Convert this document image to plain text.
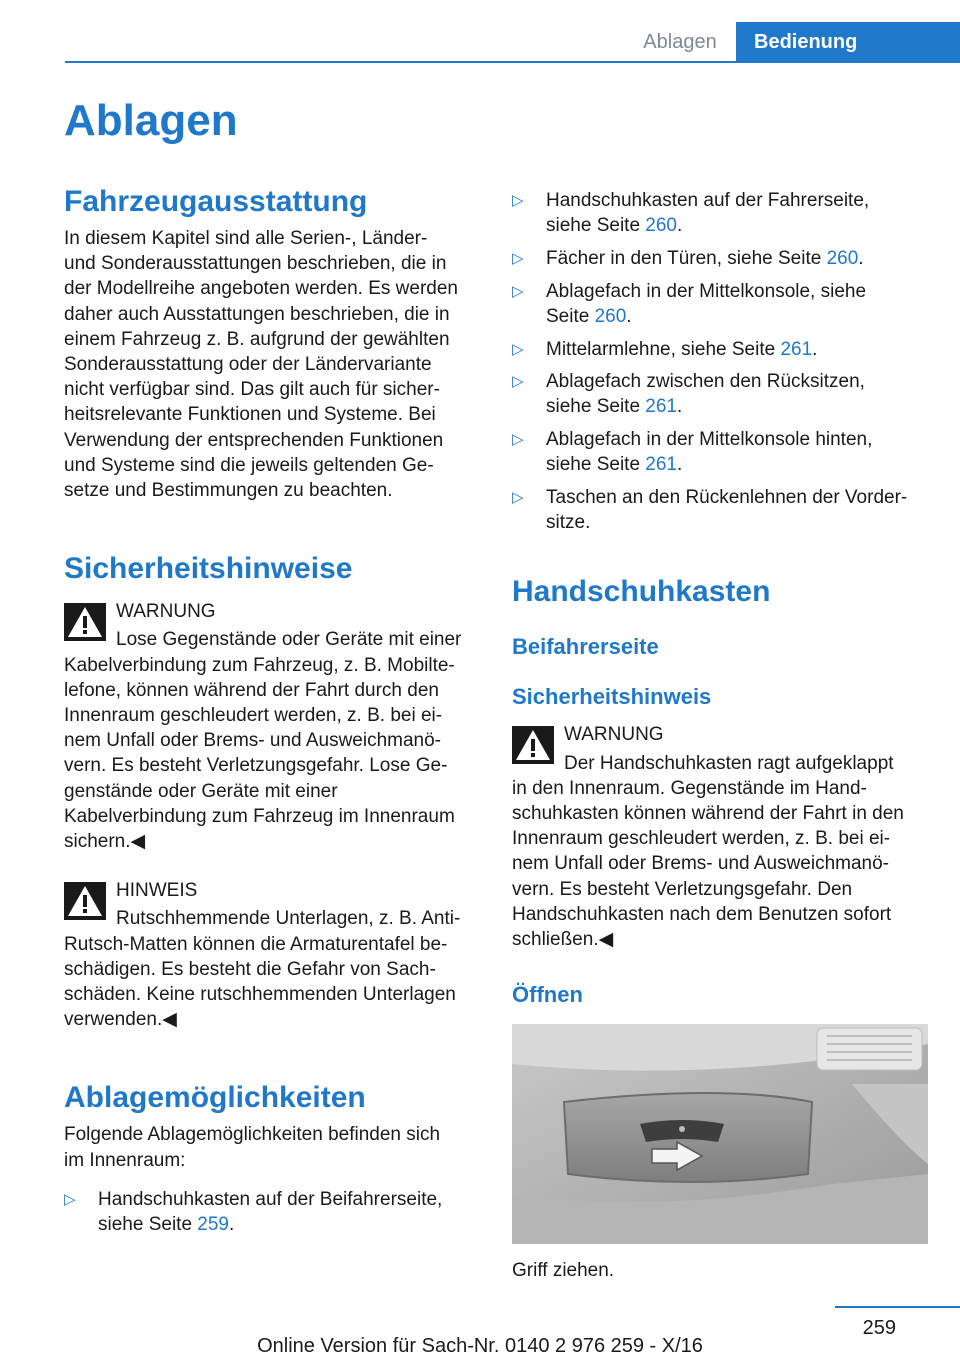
Ablagen	Bedienung
Ablagen
Fahrzeugausstattung

In diesem Kapitel sind alle Serien-, Länder-
und Sonderausstattungen beschrieben, die in
der Modellreihe angeboten werden. Es werden
daher auch Ausstattungen beschrieben, die in
einem Fahrzeug z. B. aufgrund der gewählten
Sonderausstattung oder der Ländervariante
nicht verfügbar sind. Das gilt auch für sicher‐
heitsrelevante Funktionen und Systeme. Bei
Verwendung der entsprechenden Funktionen
und Systeme sind die jeweils geltenden Ge‐
setze und Bestimmungen zu beachten.

Sicherheitshinweise
WARNUNG
Lose Gegenstände oder Geräte mit einer
Kabelverbindung zum Fahrzeug, z. B. Mobilte‐
lefone, können während der Fahrt durch den
Innenraum geschleudert werden, z. B. bei ei‐
nem Unfall oder Brems- und Ausweichmanö‐
vern. Es besteht Verletzungsgefahr. Lose Ge‐
genstände oder Geräte mit einer
Kabelverbindung zum Fahrzeug im Innenraum
sichern.◀
HINWEIS
Rutschhemmende Unterlagen, z. B. Anti-
Rutsch-Matten können die Armaturentafel be‐
schädigen. Es besteht die Gefahr von Sach‐
schäden. Keine rutschhemmenden Unterlagen
verwenden.◀
Ablagemöglichkeiten

Folgende Ablagemöglichkeiten befinden sich
im Innenraum:

▷ Handschuhkasten auf der Beifahrerseite,
siehe Seite 259.
▷ Handschuhkasten auf der Fahrerseite,
siehe Seite 260.
▷ Fächer in den Türen, siehe Seite 260.
▷ Ablagefach in der Mittelkonsole, siehe
Seite 260.
▷ Mittelarmlehne, siehe Seite 261.
▷ Ablagefach zwischen den Rücksitzen,
siehe Seite 261.
▷ Ablagefach in der Mittelkonsole hinten,
siehe Seite 261.
▷ Taschen an den Rückenlehnen der Vorder‐
sitze.
Handschuhkasten
Beifahrerseite
Sicherheitshinweis
WARNUNG
Der Handschuhkasten ragt aufgeklappt
in den Innenraum. Gegenstände im Hand‐
schuhkasten können während der Fahrt in den
Innenraum geschleudert werden, z. B. bei ei‐
nem Unfall oder Brems- und Ausweichmanö‐
vern. Es besteht Verletzungsgefahr. Den
Handschuhkasten nach dem Benutzen sofort
schließen.◀
Öffnen

Griff ziehen.

259
Online Version für Sach-Nr. 0140 2 976 259 - X/16
